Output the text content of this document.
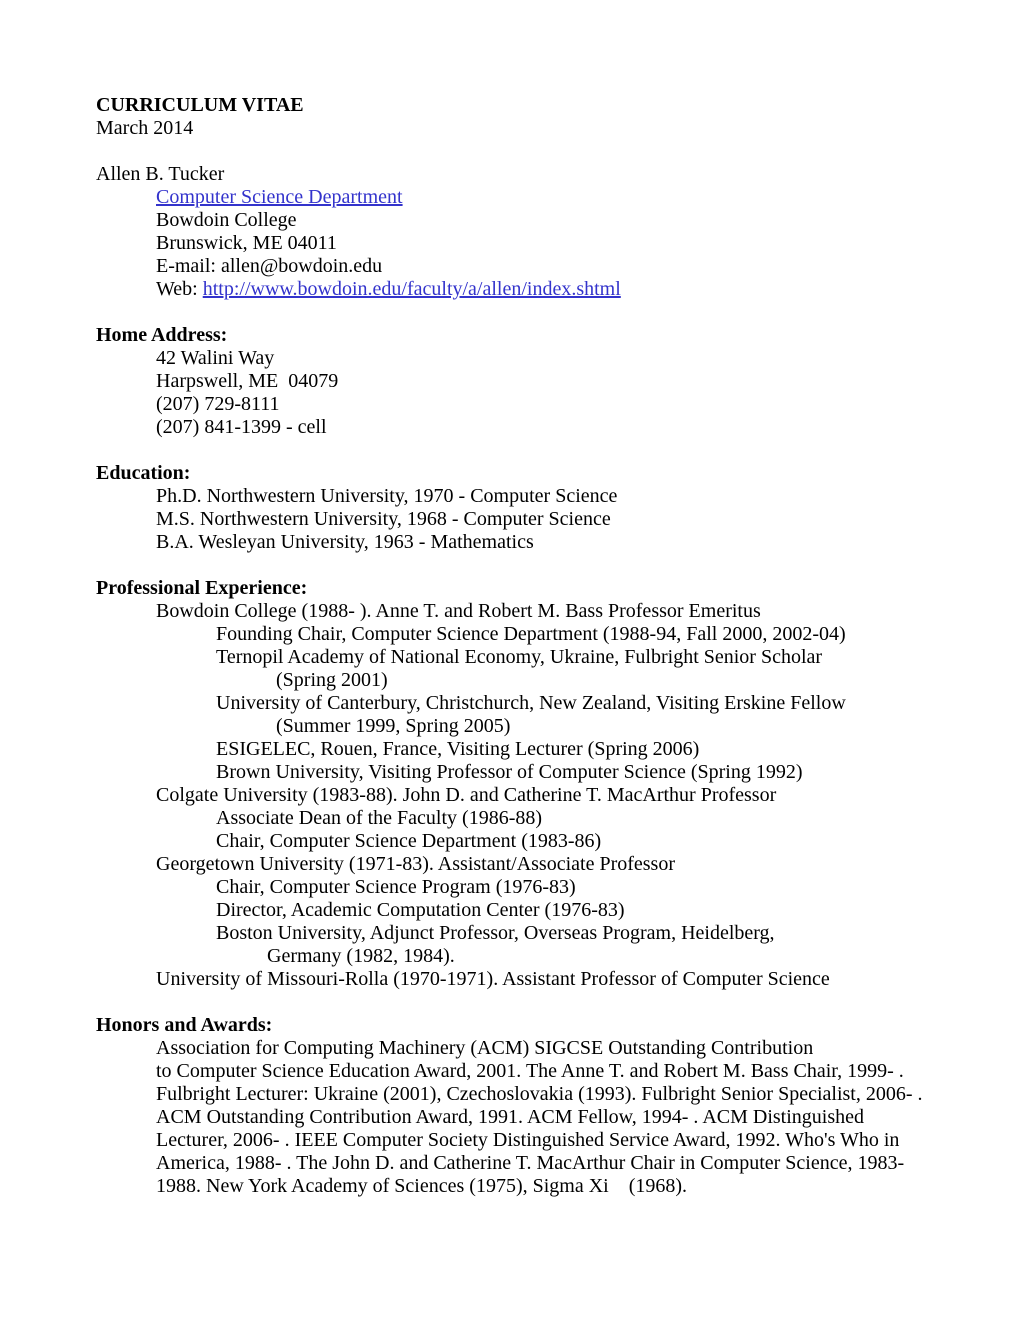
CURRICULUM VITAE
March 2014
Allen B. Tucker
Computer Science Department
Bowdoin College
Brunswick, ME 04011
E-mail: allen@bowdoin.edu
Web: http://www.bowdoin.edu/faculty/a/allen/index.shtml
Home Address:
42 Walini Way
Harpswell, ME  04079
(207) 729-8111
(207) 841-1399 - cell
Education:
Ph.D. Northwestern University, 1970 - Computer Science
M.S. Northwestern University, 1968 - Computer Science
B.A. Wesleyan University, 1963 - Mathematics
Professional Experience:
Bowdoin College (1988- ). Anne T. and Robert M. Bass Professor Emeritus
Founding Chair, Computer Science Department (1988-94, Fall 2000, 2002-04)
Ternopil Academy of National Economy, Ukraine, Fulbright Senior Scholar
(Spring 2001)
University of Canterbury, Christchurch, New Zealand, Visiting Erskine Fellow
(Summer 1999, Spring 2005)
ESIGELEC, Rouen, France, Visiting Lecturer (Spring 2006)
Brown University, Visiting Professor of Computer Science (Spring 1992)
Colgate University (1983-88). John D. and Catherine T. MacArthur Professor
Associate Dean of the Faculty (1986-88)
Chair, Computer Science Department (1983-86)
Georgetown University (1971-83). Assistant/Associate Professor
Chair, Computer Science Program (1976-83)
Director, Academic Computation Center (1976-83)
Boston University, Adjunct Professor, Overseas Program, Heidelberg,
Germany (1982, 1984).
University of Missouri-Rolla (1970-1971). Assistant Professor of Computer Science
Honors and Awards:
Association for Computing Machinery (ACM) SIGCSE Outstanding Contribution
to Computer Science Education Award, 2001. The Anne T. and Robert M. Bass Chair, 1999- .
Fulbright Lecturer: Ukraine (2001), Czechoslovakia (1993). Fulbright Senior Specialist, 2006- .
ACM Outstanding Contribution Award, 1991. ACM Fellow, 1994- . ACM Distinguished
Lecturer, 2006- . IEEE Computer Society Distinguished Service Award, 1992. Who's Who in
America, 1988- . The John D. and Catherine T. MacArthur Chair in Computer Science, 1983-
1988. New York Academy of Sciences (1975), Sigma Xi    (1968).
